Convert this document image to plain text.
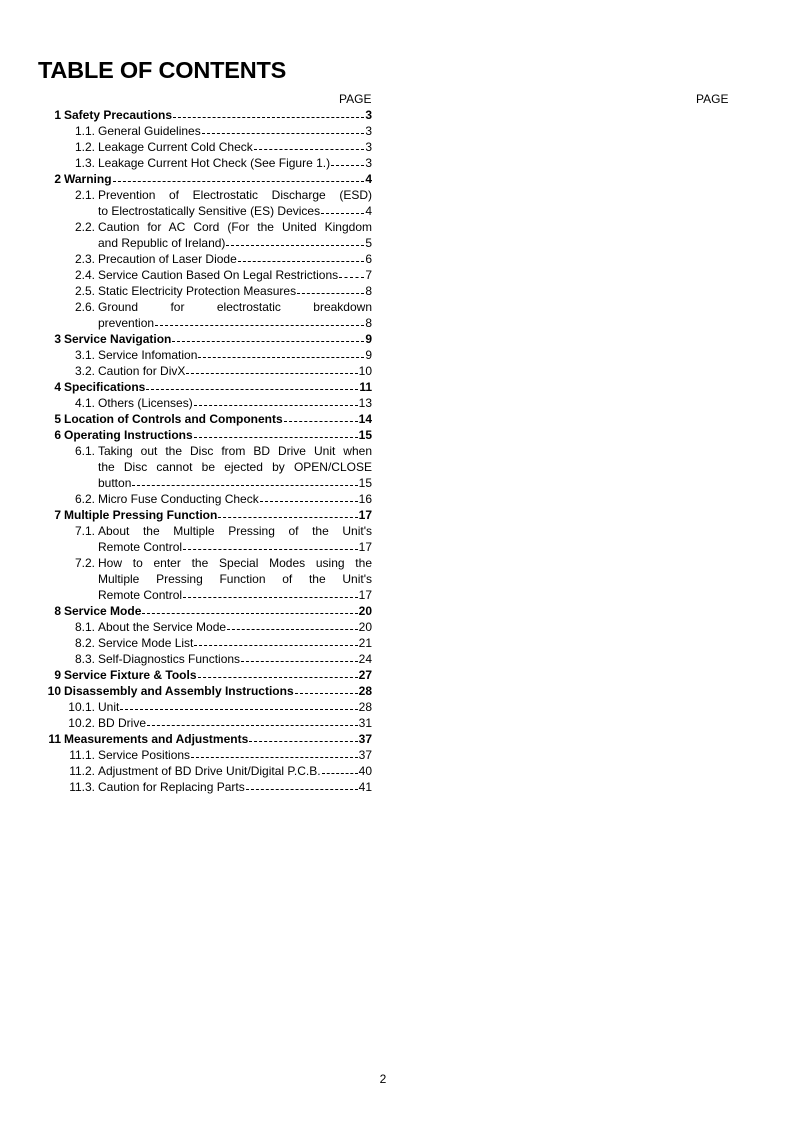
TABLE OF CONTENTS
PAGE	PAGE
1 Safety Precautions	3
1.1. General Guidelines	3
1.2. Leakage Current Cold Check	3
1.3. Leakage Current Hot Check (See Figure 1.)	3
2 Warning	4
2.1. Prevention of Electrostatic Discharge (ESD)
to Electrostatically Sensitive (ES) Devices	4
2.2. Caution for AC Cord (For the United Kingdom
and Republic of Ireland)	5
2.3. Precaution of Laser Diode	6
2.4. Service Caution Based On Legal Restrictions 7
2.5. Static Electricity Protection Measures	8
2.6. Ground for electrostatic breakdown
prevention	8
3 Service Navigation	9
3.1. Service Infomation	9
3.2. Caution for DivX	10
4 Specifications	11
4.1. Others (Licenses)	13
5 Location of Controls and Components	14
6 Operating Instructions	15
6.1. Taking out the Disc from BD Drive Unit when
the Disc cannot be ejected by OPEN/CLOSE
button	15
6.2. Micro Fuse Conducting Check	16
7 Multiple Pressing Function	17
7.1. About the Multiple Pressing of the Unit's
Remote Control	17
7.2. How to enter the Special Modes using the
Multiple Pressing Function of the Unit's
Remote Control	17
8 Service Mode	20
8.1. About the Service Mode	20
8.2. Service Mode List	21
8.3. Self-Diagnostics Functions	24
9 Service Fixture & Tools	27
10 Disassembly and Assembly Instructions	28
10.1. Unit	28
10.2. BD Drive	31
11 Measurements and Adjustments	37
11.1. Service Positions	37
11.2. Adjustment of BD Drive Unit/Digital P.C.B.	40
11.3. Caution for Replacing Parts	41
2
